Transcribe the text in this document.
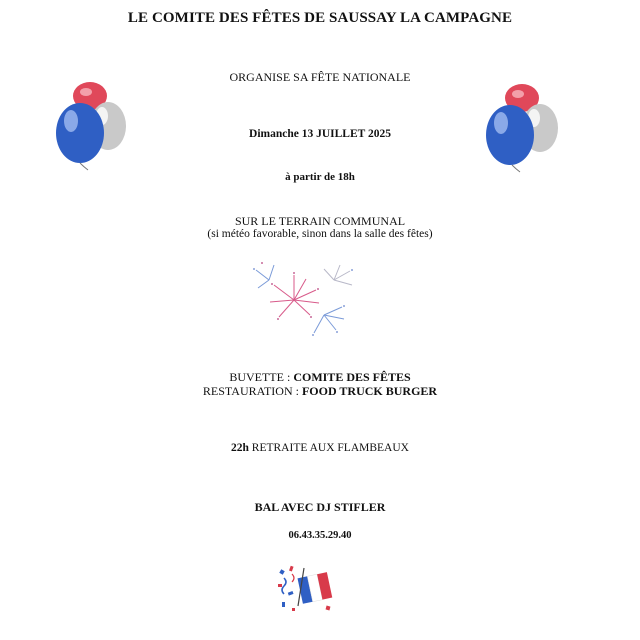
LE COMITE DES FÊTES DE SAUSSAY LA CAMPAGNE
ORGANISE SA FÊTE NATIONALE
Dimanche 13 JUILLET 2025
à partir de 18h
SUR LE TERRAIN COMMUNAL
(si météo favorable, sinon dans la salle des fêtes)
BUVETTE : COMITE DES FÊTES
RESTAURATION : FOOD TRUCK BURGER
22h RETRAITE AUX FLAMBEAUX
BAL AVEC DJ STIFLER
06.43.35.29.40
